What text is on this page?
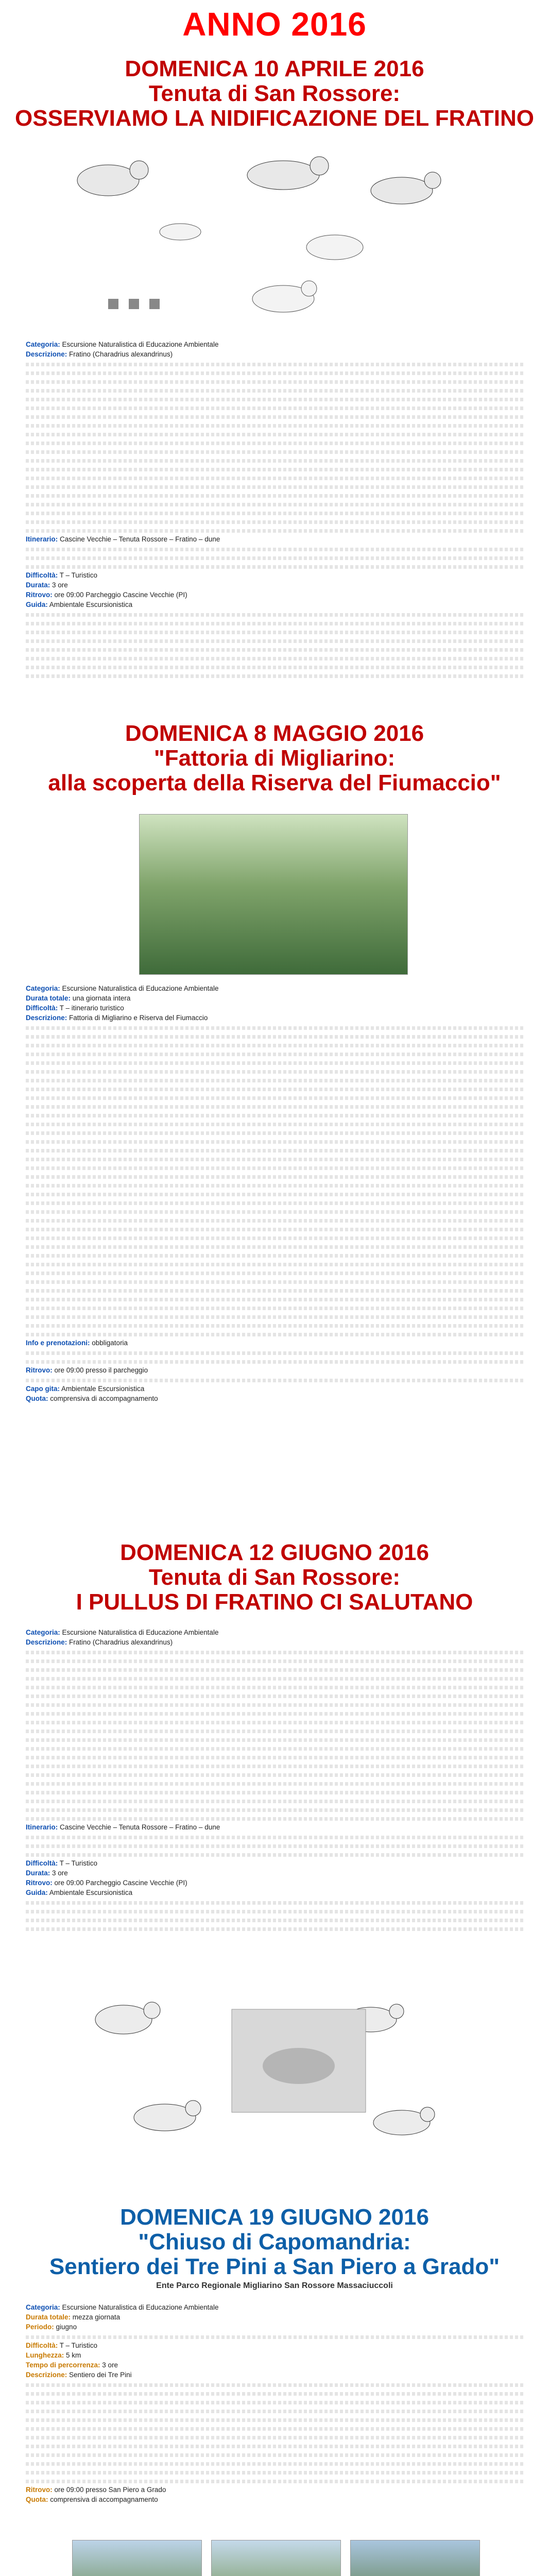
ANNO 2016
DOMENICA 10 APRILE 2016
Tenuta di San Rossore:
OSSERVIAMO LA NIDIFICAZIONE DEL FRATINO

Categoria: Escursione Naturalistica di Educazione Ambientale

Descrizione: Fratino (Charadrius alexandrinus)

Itinerario: Cascine Vecchie – Tenuta Rossore – Fratino – dune

Difficoltà: T – Turistico

Durata: 3 ore

Ritrovo: ore 09:00 Parcheggio Cascine Vecchie (PI)

Guida: Ambientale Escursionistica

DOMENICA 8 MAGGIO 2016
"Fattoria di Migliarino:
alla scoperta della Riserva del Fiumaccio"

Categoria: Escursione Naturalistica di Educazione Ambientale

Durata totale: una giornata intera

Difficoltà: T – itinerario turistico

Descrizione: Fattoria di Migliarino e Riserva del Fiumaccio

Info e prenotazioni: obbligatoria

Ritrovo: ore 09:00 presso il parcheggio

Capo gita: Ambientale Escursionistica

Quota: comprensiva di accompagnamento

DOMENICA 12 GIUGNO 2016
Tenuta di San Rossore:
I PULLUS DI FRATINO CI SALUTANO

Categoria: Escursione Naturalistica di Educazione Ambientale

Descrizione: Fratino (Charadrius alexandrinus)

Itinerario: Cascine Vecchie – Tenuta Rossore – Fratino – dune

Difficoltà: T – Turistico

Durata: 3 ore

Ritrovo: ore 09:00 Parcheggio Cascine Vecchie (PI)

Guida: Ambientale Escursionistica

DOMENICA 19 GIUGNO 2016
"Chiuso di Capomandria:
Sentiero dei Tre Pini a San Piero a Grado"
Ente Parco Regionale Migliarino San Rossore Massaciuccoli

Categoria: Escursione Naturalistica di Educazione Ambientale

Durata totale: mezza giornata

Periodo: giugno

Difficoltà: T – Turistico

Lunghezza: 5 km

Tempo di percorrenza: 3 ore

Descrizione: Sentiero dei Tre Pini

Ritrovo: ore 09:00 presso San Piero a Grado

Quota: comprensiva di accompagnamento
